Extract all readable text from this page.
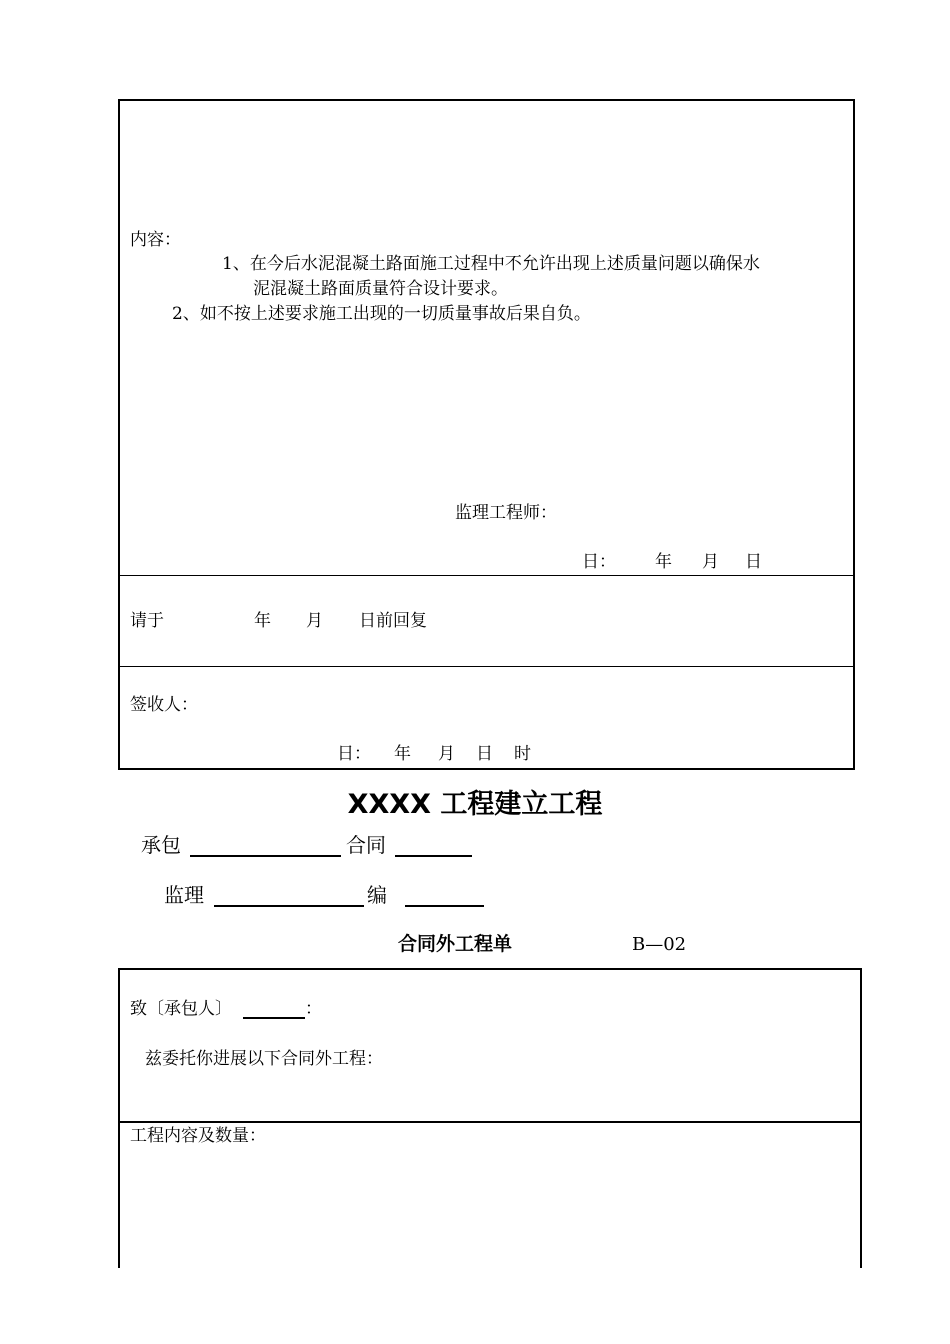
内容：
1、在今后水泥混凝土路面施工过程中不允许出现上述质量问题以确保水
泥混凝土路面质量符合设计要求。
2、如不按上述要求施工出现的一切质量事故后果自负。
监理工程师：
日： 年 月 日
请于	年 月 日前回复
签收人：
日： 年 月 日 时
XXXX 工程建立工程
承包	合同
监理	编
合同外工程单	B—02
致〔承包人〕	：
兹委托你进展以下合同外工程：
工程内容及数量：
